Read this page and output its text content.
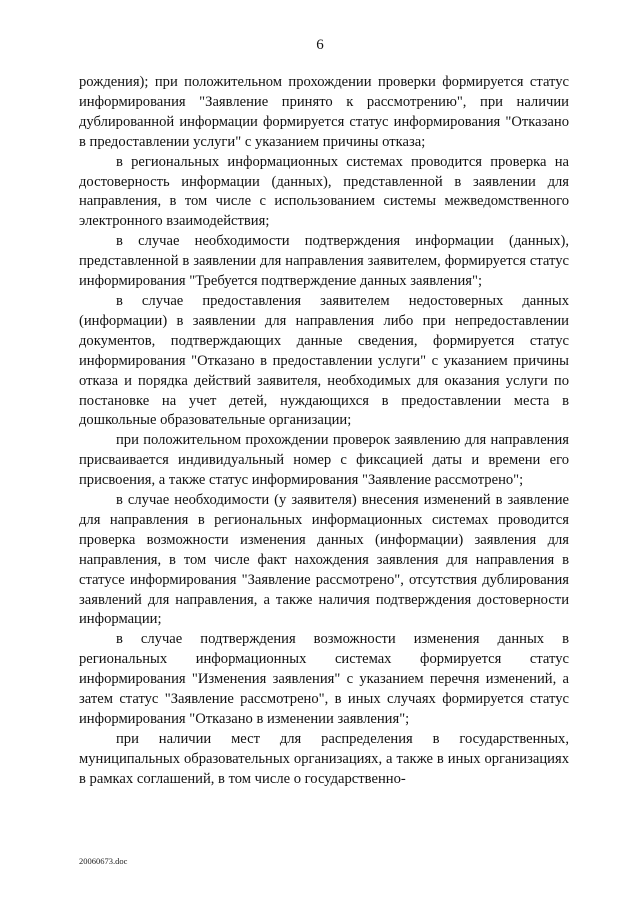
6

рождения); при положительном прохождении проверки формируется статус информирования "Заявление принято к рассмотрению", при наличии дублированной информации формируется статус информирования "Отказано в предоставлении услуги" с указанием причины отказа;

в региональных информационных системах проводится проверка на достоверность информации (данных), представленной в заявлении для направления, в том числе с использованием системы межведомственного электронного взаимодействия;

в случае необходимости подтверждения информации (данных), представленной в заявлении для направления заявителем, формируется статус информирования "Требуется подтверждение данных заявления";

в случае предоставления заявителем недостоверных данных (информации) в заявлении для направления либо при непредоставлении документов, подтверждающих данные сведения, формируется статус информирования "Отказано в предоставлении услуги" с указанием причины отказа и порядка действий заявителя, необходимых для оказания услуги по постановке на учет детей, нуждающихся в предоставлении места в дошкольные образовательные организации;

при положительном прохождении проверок заявлению для направления присваивается индивидуальный номер с фиксацией даты и времени его присвоения, а также статус информирования "Заявление рассмотрено";

в случае необходимости (у заявителя) внесения изменений в заявление для направления в региональных информационных системах проводится проверка возможности изменения данных (информации) заявления для направления, в том числе факт нахождения заявления для направления в статусе информирования "Заявление рассмотрено", отсутствия дублирования заявлений для направления, а также наличия подтверждения достоверности информации;

в случае подтверждения возможности изменения данных в региональных информационных системах формируется статус информирования "Изменения заявления" с указанием перечня изменений, а затем статус "Заявление рассмотрено", в иных случаях формируется статус информирования "Отказано в изменении заявления";

при наличии мест для распределения в государственных, муниципальных образовательных организациях, а также в иных организациях в рамках соглашений, в том числе о государственно-

20060673.doc
